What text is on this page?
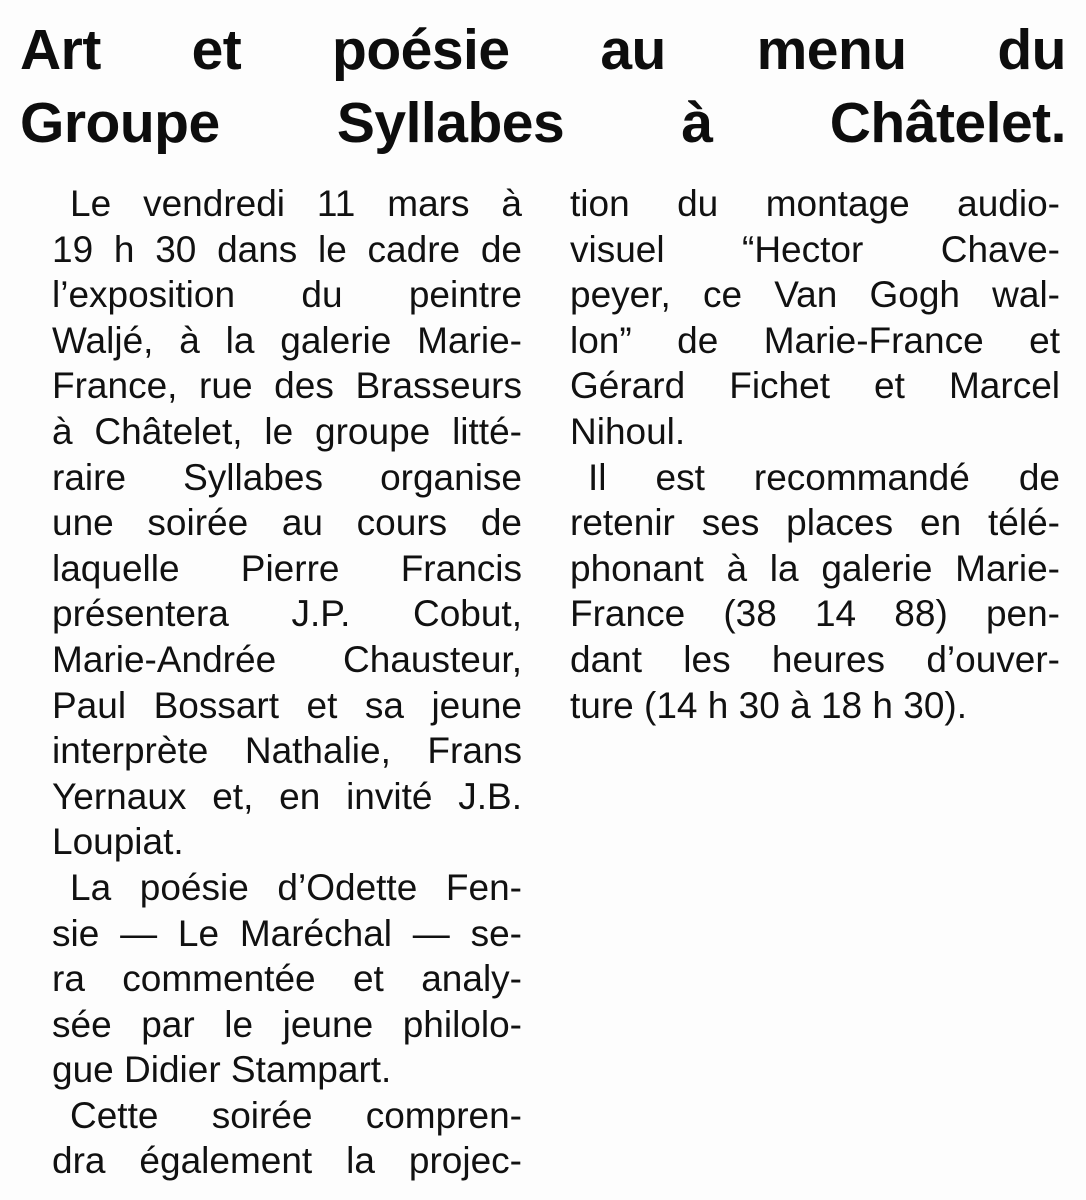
Art et poésie au menu du
Groupe Syllabes à Châtelet.
Le vendredi 11 mars à
19 h 30 dans le cadre de
l’exposition du peintre
Waljé, à la galerie Marie-
France, rue des Brasseurs
à Châtelet, le groupe litté-
raire Syllabes organise
une soirée au cours de
laquelle Pierre Francis
présentera J.P. Cobut,
Marie-Andrée Chausteur,
Paul Bossart et sa jeune
interprète Nathalie, Frans
Yernaux et, en invité J.B.
Loupiat.
La poésie d’Odette Fen-
sie — Le Maréchal — se-
ra commentée et analy-
sée par le jeune philolo-
gue Didier Stampart.
Cette soirée compren-
dra également la projec-
tion du montage audio-
visuel “Hector Chave-
peyer, ce Van Gogh wal-
lon” de Marie-France et
Gérard Fichet et Marcel
Nihoul.
Il est recommandé de
retenir ses places en télé-
phonant à la galerie Marie-
France (38 14 88) pen-
dant les heures d’ouver-
ture (14 h 30 à 18 h 30).
